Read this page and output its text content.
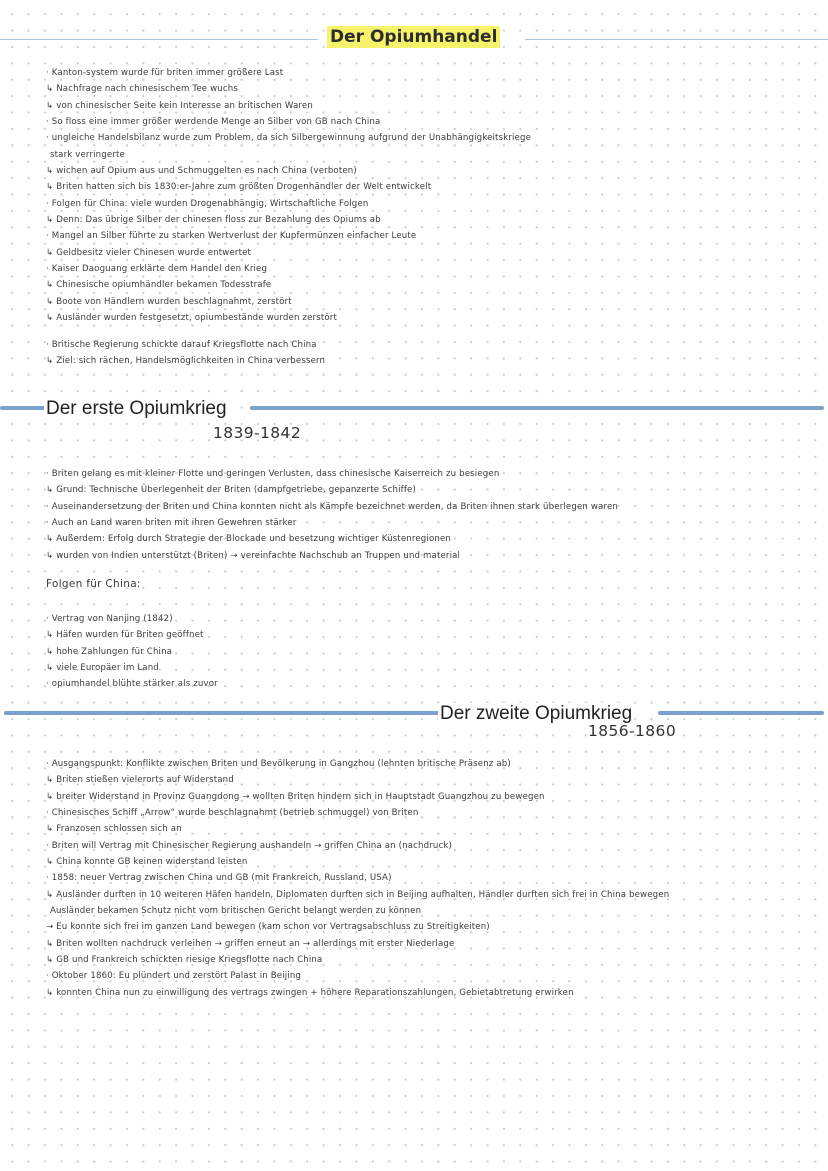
Der Opiumhandel
· Kanton-system wurde für briten immer größere Last
↳ Nachfrage nach chinesischem Tee wuchs
↳ von chinesischer Seite kein Interesse an britischen Waren
· So floss eine immer größer werdende Menge an Silber von GB nach China
· ungleiche Handelsbilanz wurde zum Problem, da sich Silbergewinnung aufgrund der Unabhängigkeitskriege
stark verringerte
↳ wichen auf Opium aus und Schmuggelten es nach China (verboten)
↳ Briten hatten sich bis 1830:er-Jahre zum größten Drogenhändler der Welt entwickelt
· Folgen für China: viele wurden Drogenabhängig, Wirtschaftliche Folgen
↳ Denn: Das übrige Silber der chinesen floss zur Bezahlung des Opiums ab
· Mangel an Silber führte zu starken Wertverlust der Kupfermünzen einfacher Leute
↳ Geldbesitz vieler Chinesen wurde entwertet
· Kaiser Daoguang erklärte dem Handel den Krieg
↳ Chinesische opiumhändler bekamen Todesstrafe
↳ Boote von Händlern wurden beschlagnahmt, zerstört
↳ Ausländer wurden festgesetzt, opiumbestände wurden zerstört
· Britische Regierung schickte darauf Kriegsflotte nach China
↳ Ziel: sich rächen, Handelsmöglichkeiten in China verbessern
Der erste Opiumkrieg
1839-1842
· Briten gelang es mit kleiner Flotte und geringen Verlusten, dass chinesische Kaiserreich zu besiegen
↳ Grund: Technische Überlegenheit der Briten (dampfgetriebe, gepanzerte Schiffe)
· Auseinandersetzung der Briten und China konnten nicht als Kämpfe bezeichnet werden, da Briten ihnen stark überlegen waren
· Auch an Land waren briten mit ihren Gewehren stärker
↳ Außerdem: Erfolg durch Strategie der Blockade und besetzung wichtiger Küstenregionen
↳ wurden von Indien unterstützt (Briten) → vereinfachte Nachschub an Truppen und material
Folgen für China:
· Vertrag von Nanjing (1842)
↳ Häfen wurden für Briten geöffnet
↳ hohe Zahlungen für China
↳ viele Europäer im Land
· opiumhandel blühte stärker als zuvor
Der zweite Opiumkrieg
1856-1860
· Ausgangspunkt: Konflikte zwischen Briten und Bevölkerung in Gangzhou (lehnten britische Präsenz ab)
↳ Briten stießen vielerorts auf Widerstand
↳ breiter Widerstand in Provinz Guangdong → wollten Briten hindern sich in Hauptstadt Guangzhou zu bewegen
· Chinesisches Schiff „Arrow“ wurde beschlagnahmt (betrieb schmuggel) von Briten
↳ Franzosen schlossen sich an
· Briten will Vertrag mit Chinesischer Regierung aushandeln → griffen China an (nachdruck)
↳ China konnte GB keinen widerstand leisten
· 1858: neuer Vertrag zwischen China und GB (mit Frankreich, Russland, USA)
↳ Ausländer durften in 10 weiteren Häfen handeln, Diplomaten durften sich in Beijing aufhalten, Händler durften sich frei in China bewegen
Ausländer bekamen Schutz nicht vom britischen Gericht belangt werden zu können
→ Eu konnte sich frei im ganzen Land bewegen (kam schon vor Vertragsabschluss zu Streitigkeiten)
↳ Briten wollten nachdruck verleihen → griffen erneut an → allerdings mit erster Niederlage
↳ GB und Frankreich schickten riesige Kriegsflotte nach China
· Oktober 1860: Eu plündert und zerstört Palast in Beijing
↳ konnten China nun zu einwilligung des vertrags zwingen + höhere Reparationszahlungen, Gebietabtretung erwirken
